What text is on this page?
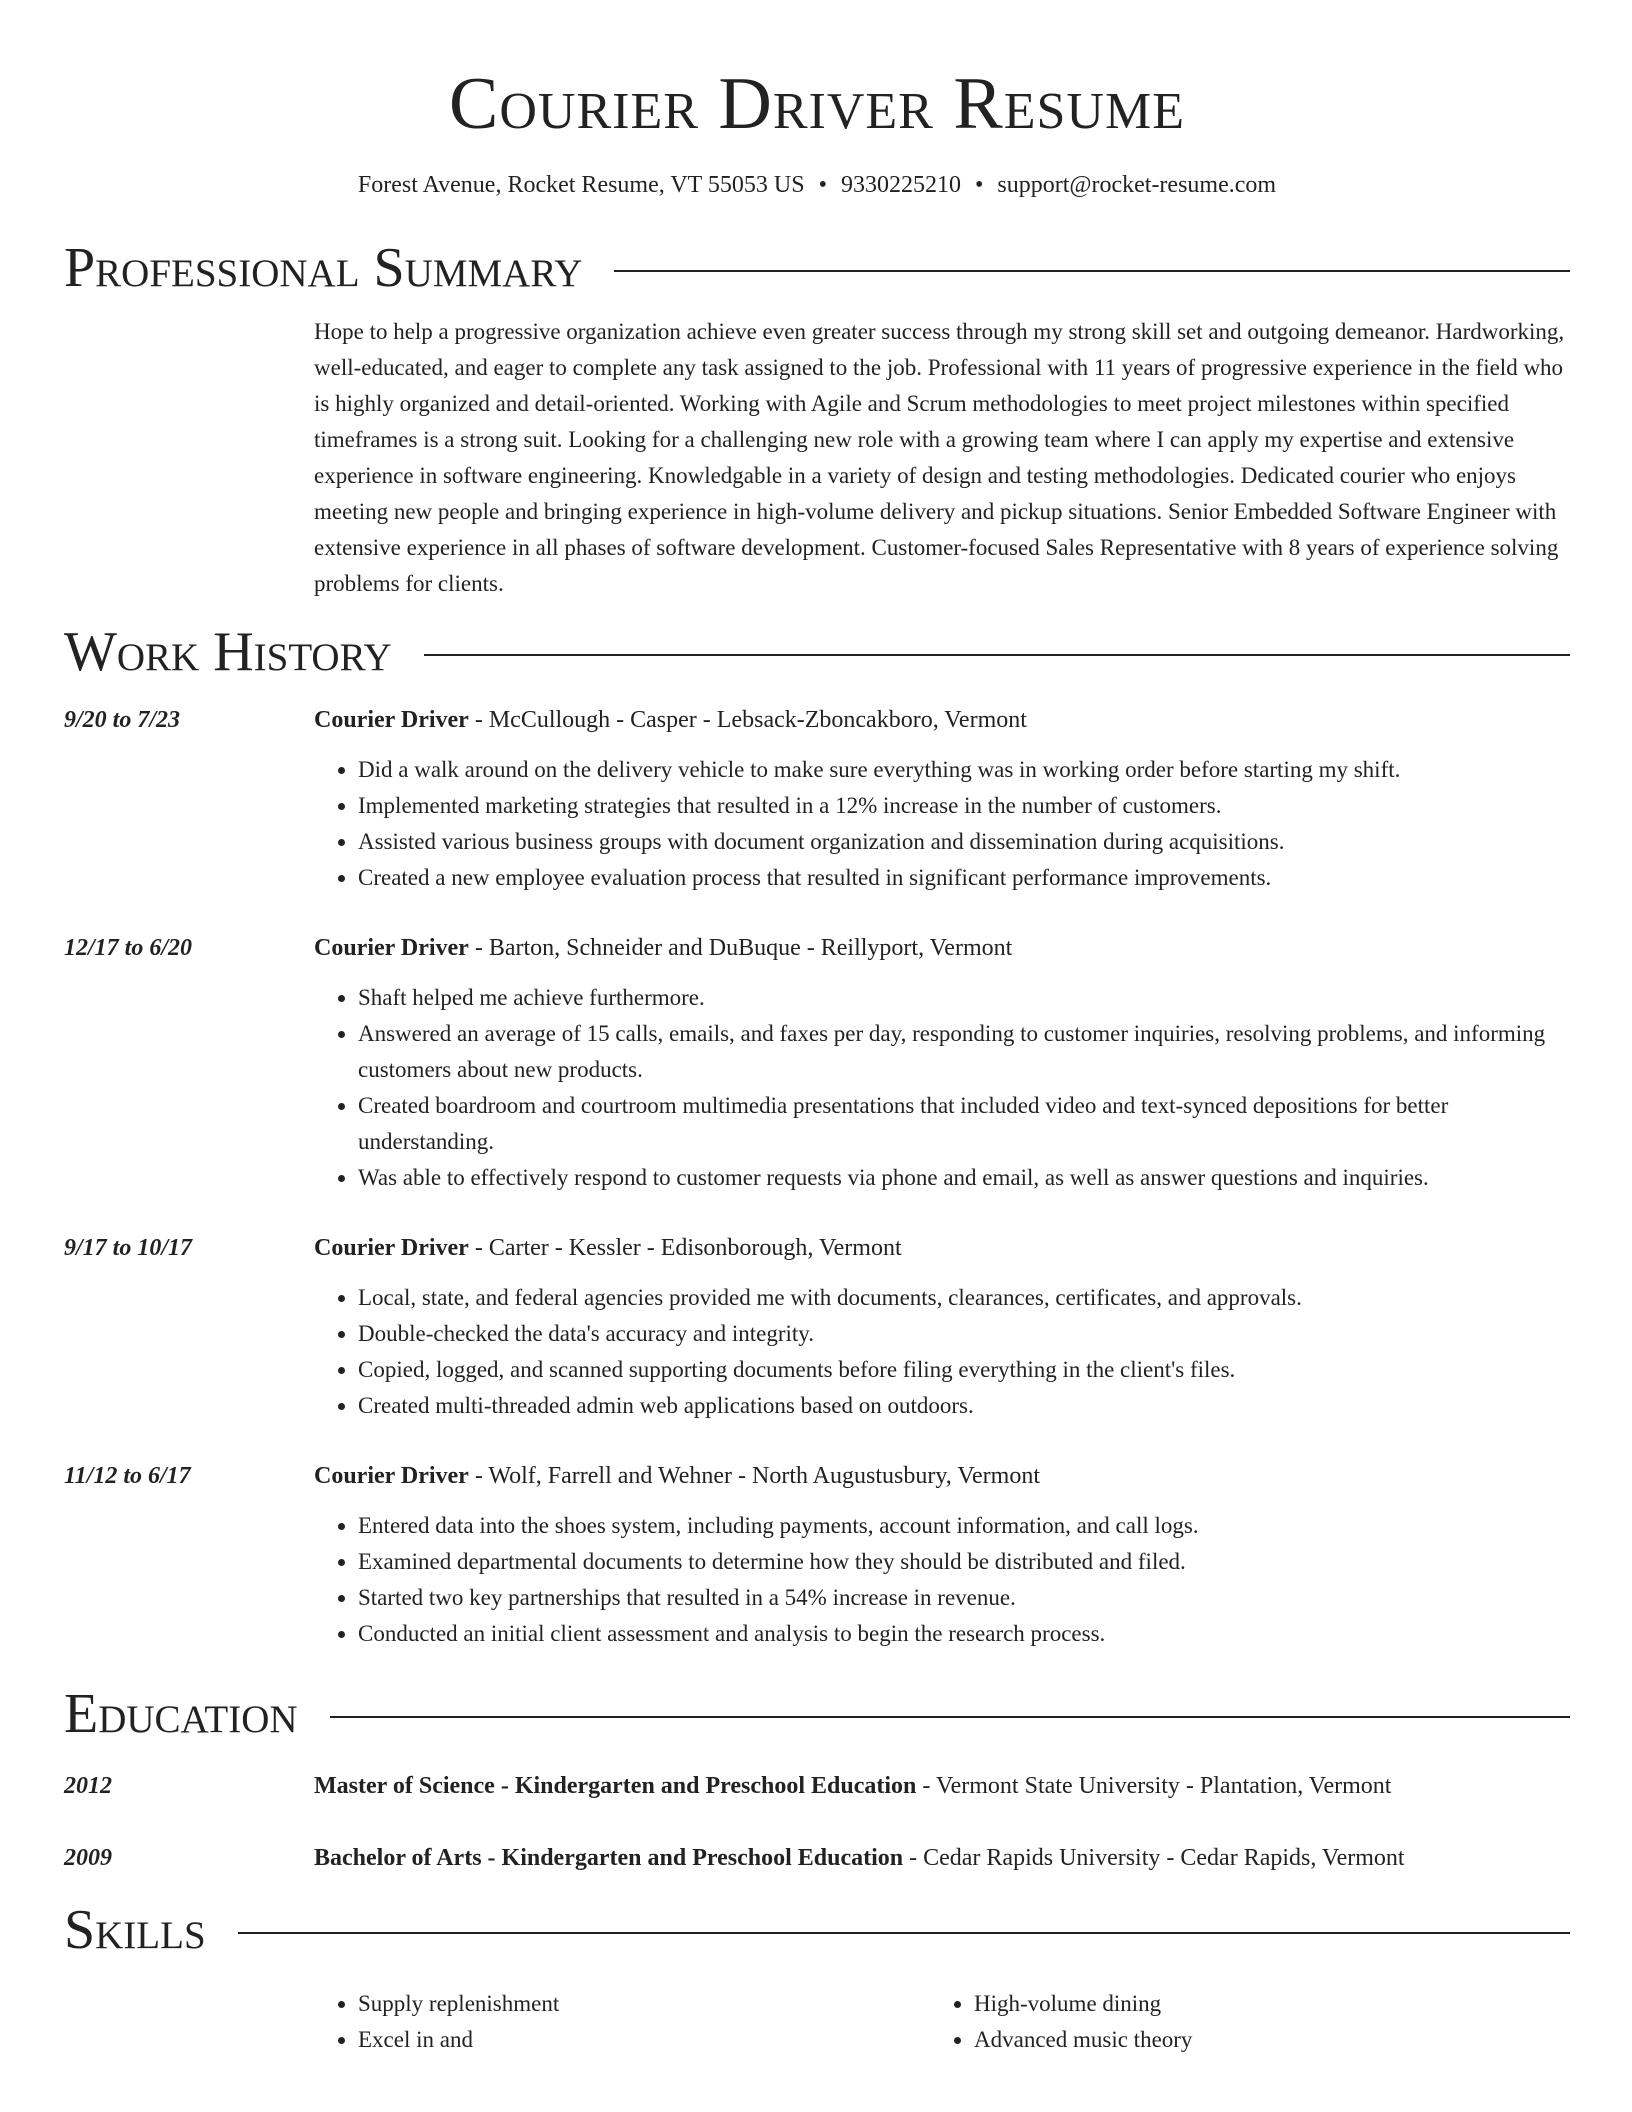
Courier Driver Resume
Forest Avenue, Rocket Resume, VT 55053 US • 9330225210 • support@rocket-resume.com
Professional Summary
Hope to help a progressive organization achieve even greater success through my strong skill set and outgoing demeanor. Hardworking, well-educated, and eager to complete any task assigned to the job. Professional with 11 years of progressive experience in the field who is highly organized and detail-oriented. Working with Agile and Scrum methodologies to meet project milestones within specified timeframes is a strong suit. Looking for a challenging new role with a growing team where I can apply my expertise and extensive experience in software engineering. Knowledgable in a variety of design and testing methodologies. Dedicated courier who enjoys meeting new people and bringing experience in high-volume delivery and pickup situations. Senior Embedded Software Engineer with extensive experience in all phases of software development. Customer-focused Sales Representative with 8 years of experience solving problems for clients.
Work History
9/20 to 7/23	Courier Driver - McCullough - Casper - Lebsack-Zboncakboro, Vermont
• Did a walk around on the delivery vehicle to make sure everything was in working order before starting my shift.
• Implemented marketing strategies that resulted in a 12% increase in the number of customers.
• Assisted various business groups with document organization and dissemination during acquisitions.
• Created a new employee evaluation process that resulted in significant performance improvements.
12/17 to 6/20	Courier Driver - Barton, Schneider and DuBuque - Reillyport, Vermont
• Shaft helped me achieve furthermore.
• Answered an average of 15 calls, emails, and faxes per day, responding to customer inquiries, resolving problems, and informing customers about new products.
• Created boardroom and courtroom multimedia presentations that included video and text-synced depositions for better understanding.
• Was able to effectively respond to customer requests via phone and email, as well as answer questions and inquiries.
9/17 to 10/17	Courier Driver - Carter - Kessler - Edisonborough, Vermont
• Local, state, and federal agencies provided me with documents, clearances, certificates, and approvals.
• Double-checked the data's accuracy and integrity.
• Copied, logged, and scanned supporting documents before filing everything in the client's files.
• Created multi-threaded admin web applications based on outdoors.
11/12 to 6/17	Courier Driver - Wolf, Farrell and Wehner - North Augustusbury, Vermont
• Entered data into the shoes system, including payments, account information, and call logs.
• Examined departmental documents to determine how they should be distributed and filed.
• Started two key partnerships that resulted in a 54% increase in revenue.
• Conducted an initial client assessment and analysis to begin the research process.
Education
2012	Master of Science - Kindergarten and Preschool Education - Vermont State University - Plantation, Vermont
2009	Bachelor of Arts - Kindergarten and Preschool Education - Cedar Rapids University - Cedar Rapids, Vermont
Skills
• Supply replenishment
• Excel in and
• High-volume dining
• Advanced music theory
